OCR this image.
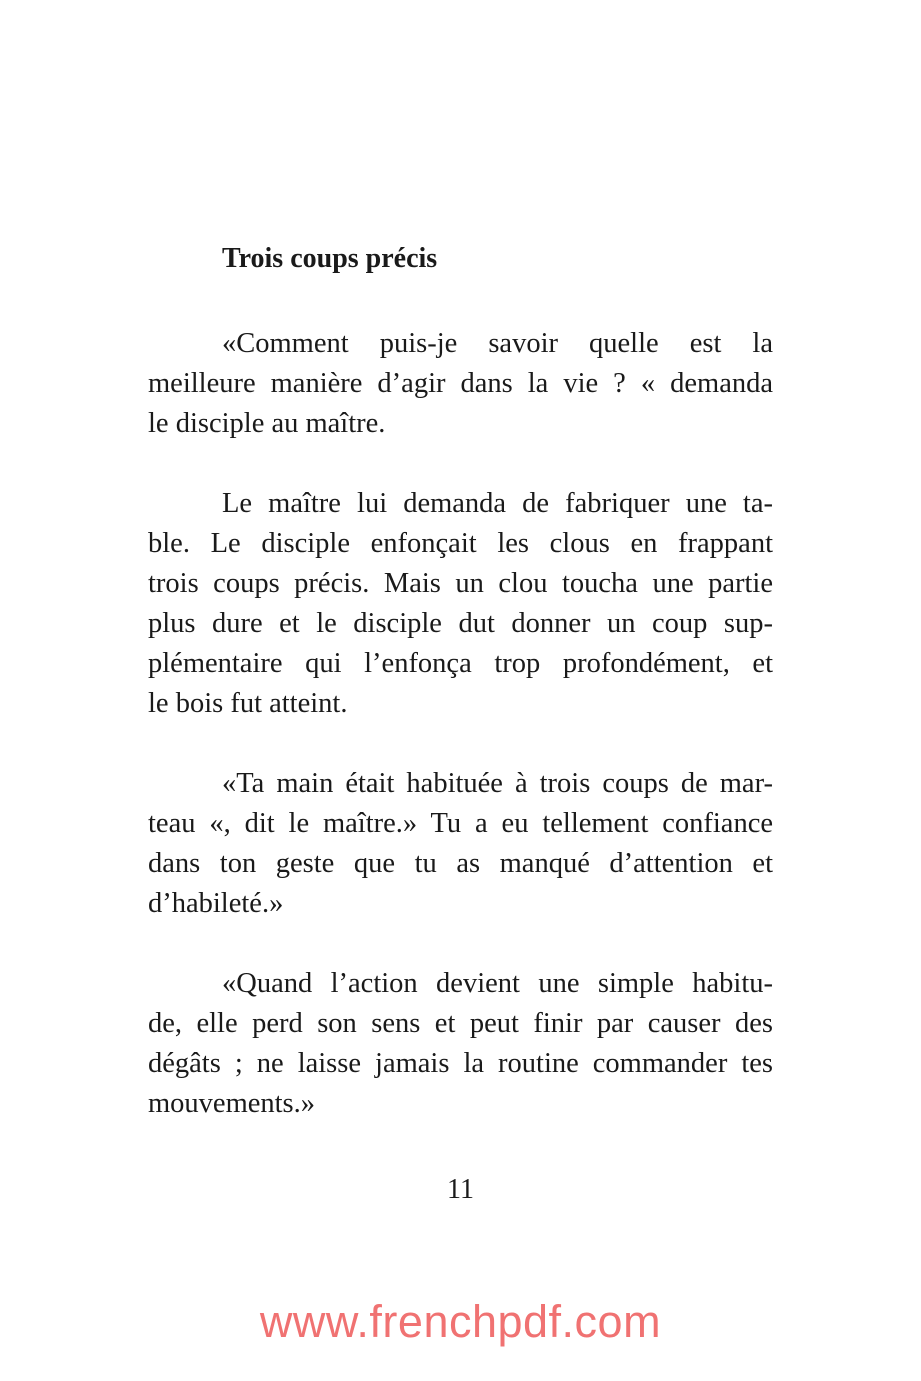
Trois coups précis
«Comment puis-je savoir quelle est la
meilleure manière d’agir dans la vie ? « demanda
le disciple au maître.
Le maître lui demanda de fabriquer une ta-
ble. Le disciple enfonçait les clous en frappant
trois coups précis. Mais un clou toucha une partie
plus dure et le disciple dut donner un coup sup-
plémentaire qui l’enfonça trop profondément, et
le bois fut atteint.
«Ta main était habituée à trois coups de mar-
teau «, dit le maître.» Tu a eu tellement confiance
dans ton geste que tu as manqué d’attention et
d’habileté.»
«Quand l’action devient une simple habitu-
de, elle perd son sens et peut finir par causer des
dégâts ; ne laisse jamais la routine commander tes
mouvements.»
11
www.frenchpdf.com
